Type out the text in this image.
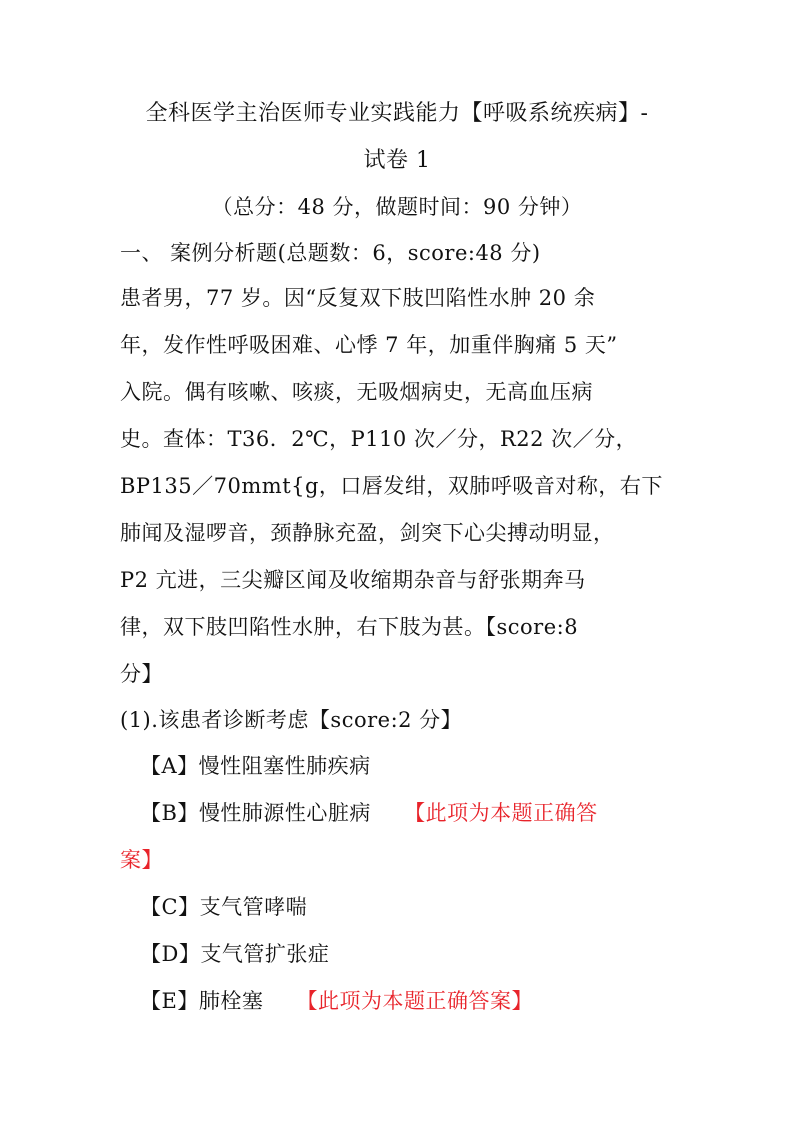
全科医学主治医师专业实践能力【呼吸系统疾病】-
试卷 1
（总分：48 分，做题时间：90 分钟）
一、 案例分析题(总题数：6，score:48 分)
患者男，77 岁。因“反复双下肢凹陷性水肿 20 余
年，发作性呼吸困难、心悸 7 年，加重伴胸痛 5 天”
入院。偶有咳嗽、咳痰，无吸烟病史，无高血压病
史。查体：T36．2℃，P110 次／分，R22 次／分，
BP135／70mmt{g，口唇发绀，双肺呼吸音对称，右下
肺闻及湿啰音，颈静脉充盈，剑突下心尖搏动明显，
P2 亢进，三尖瓣区闻及收缩期杂音与舒张期奔马
律，双下肢凹陷性水肿，右下肢为甚。【score:8
分】
(1).该患者诊断考虑【score:2 分】
【A】慢性阻塞性肺疾病
【B】慢性肺源性心脏病 【此项为本题正确答
案】
【C】支气管哮喘
【D】支气管扩张症
【E】肺栓塞 【此项为本题正确答案】
